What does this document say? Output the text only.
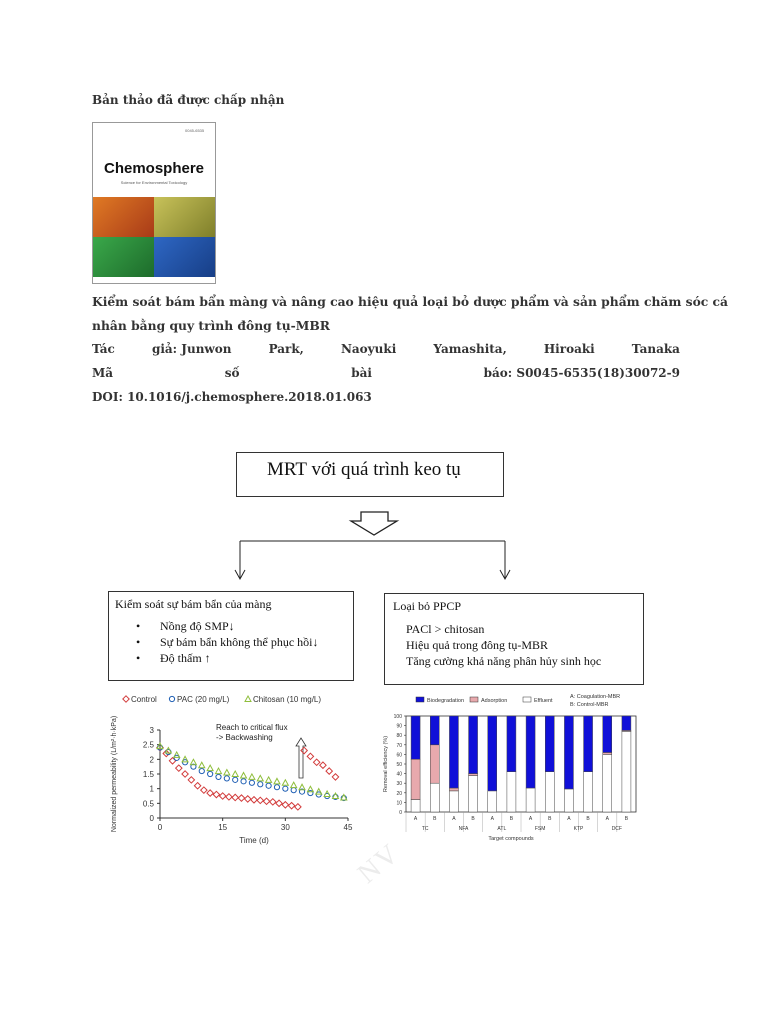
Bản thảo đã được chấp nhận
0045-6535
Chemosphere
Science for Environmental Toxicology
Kiểm soát bám bẩn màng và nâng cao hiệu quả loại bỏ dược phẩm và sản phẩm chăm sóc cá
nhân bằng quy trình đông tụ-MBR
Tác	giả: Junwon	Park,	Naoyuki	Yamashita,	Hiroaki	Tanaka
Mã	số	bài	báo: S0045-6535(18)30072-9
DOI: 10.1016/j.chemosphere.2018.01.063
MRT với quá trình keo tụ
Kiểm soát sự bám bẩn của màng
• Nồng độ SMP↓
• Sự bám bẩn không thể phục hồi↓
• Độ thấm ↑
Loại bỏ PPCP
PACl > chitosan
Hiệu quả trong đông tụ-MBR
Tăng cường khả năng phân hủy sinh học
Control	PAC (20 mg/L)	Chitosan (10 mg/L)
0	15	30	45
0
0.5
1
1.5
2
2.5
3
Time (d)
Normalized permeability (L/m²·h·kPa)	Reach to critical flux
-> Backwashing
Biodegradation	Adsorption	Effluent
A: Coagulation-MBR
B: Control-MBR
0
10
20
30
40
50
60
70
80
90
100
Removal efficiency (%)
A	B	A	B	A	B	A	B	A	B	A	B
TC	NFA	ATL	FSM	KTP	DCF
Target compounds
NV
